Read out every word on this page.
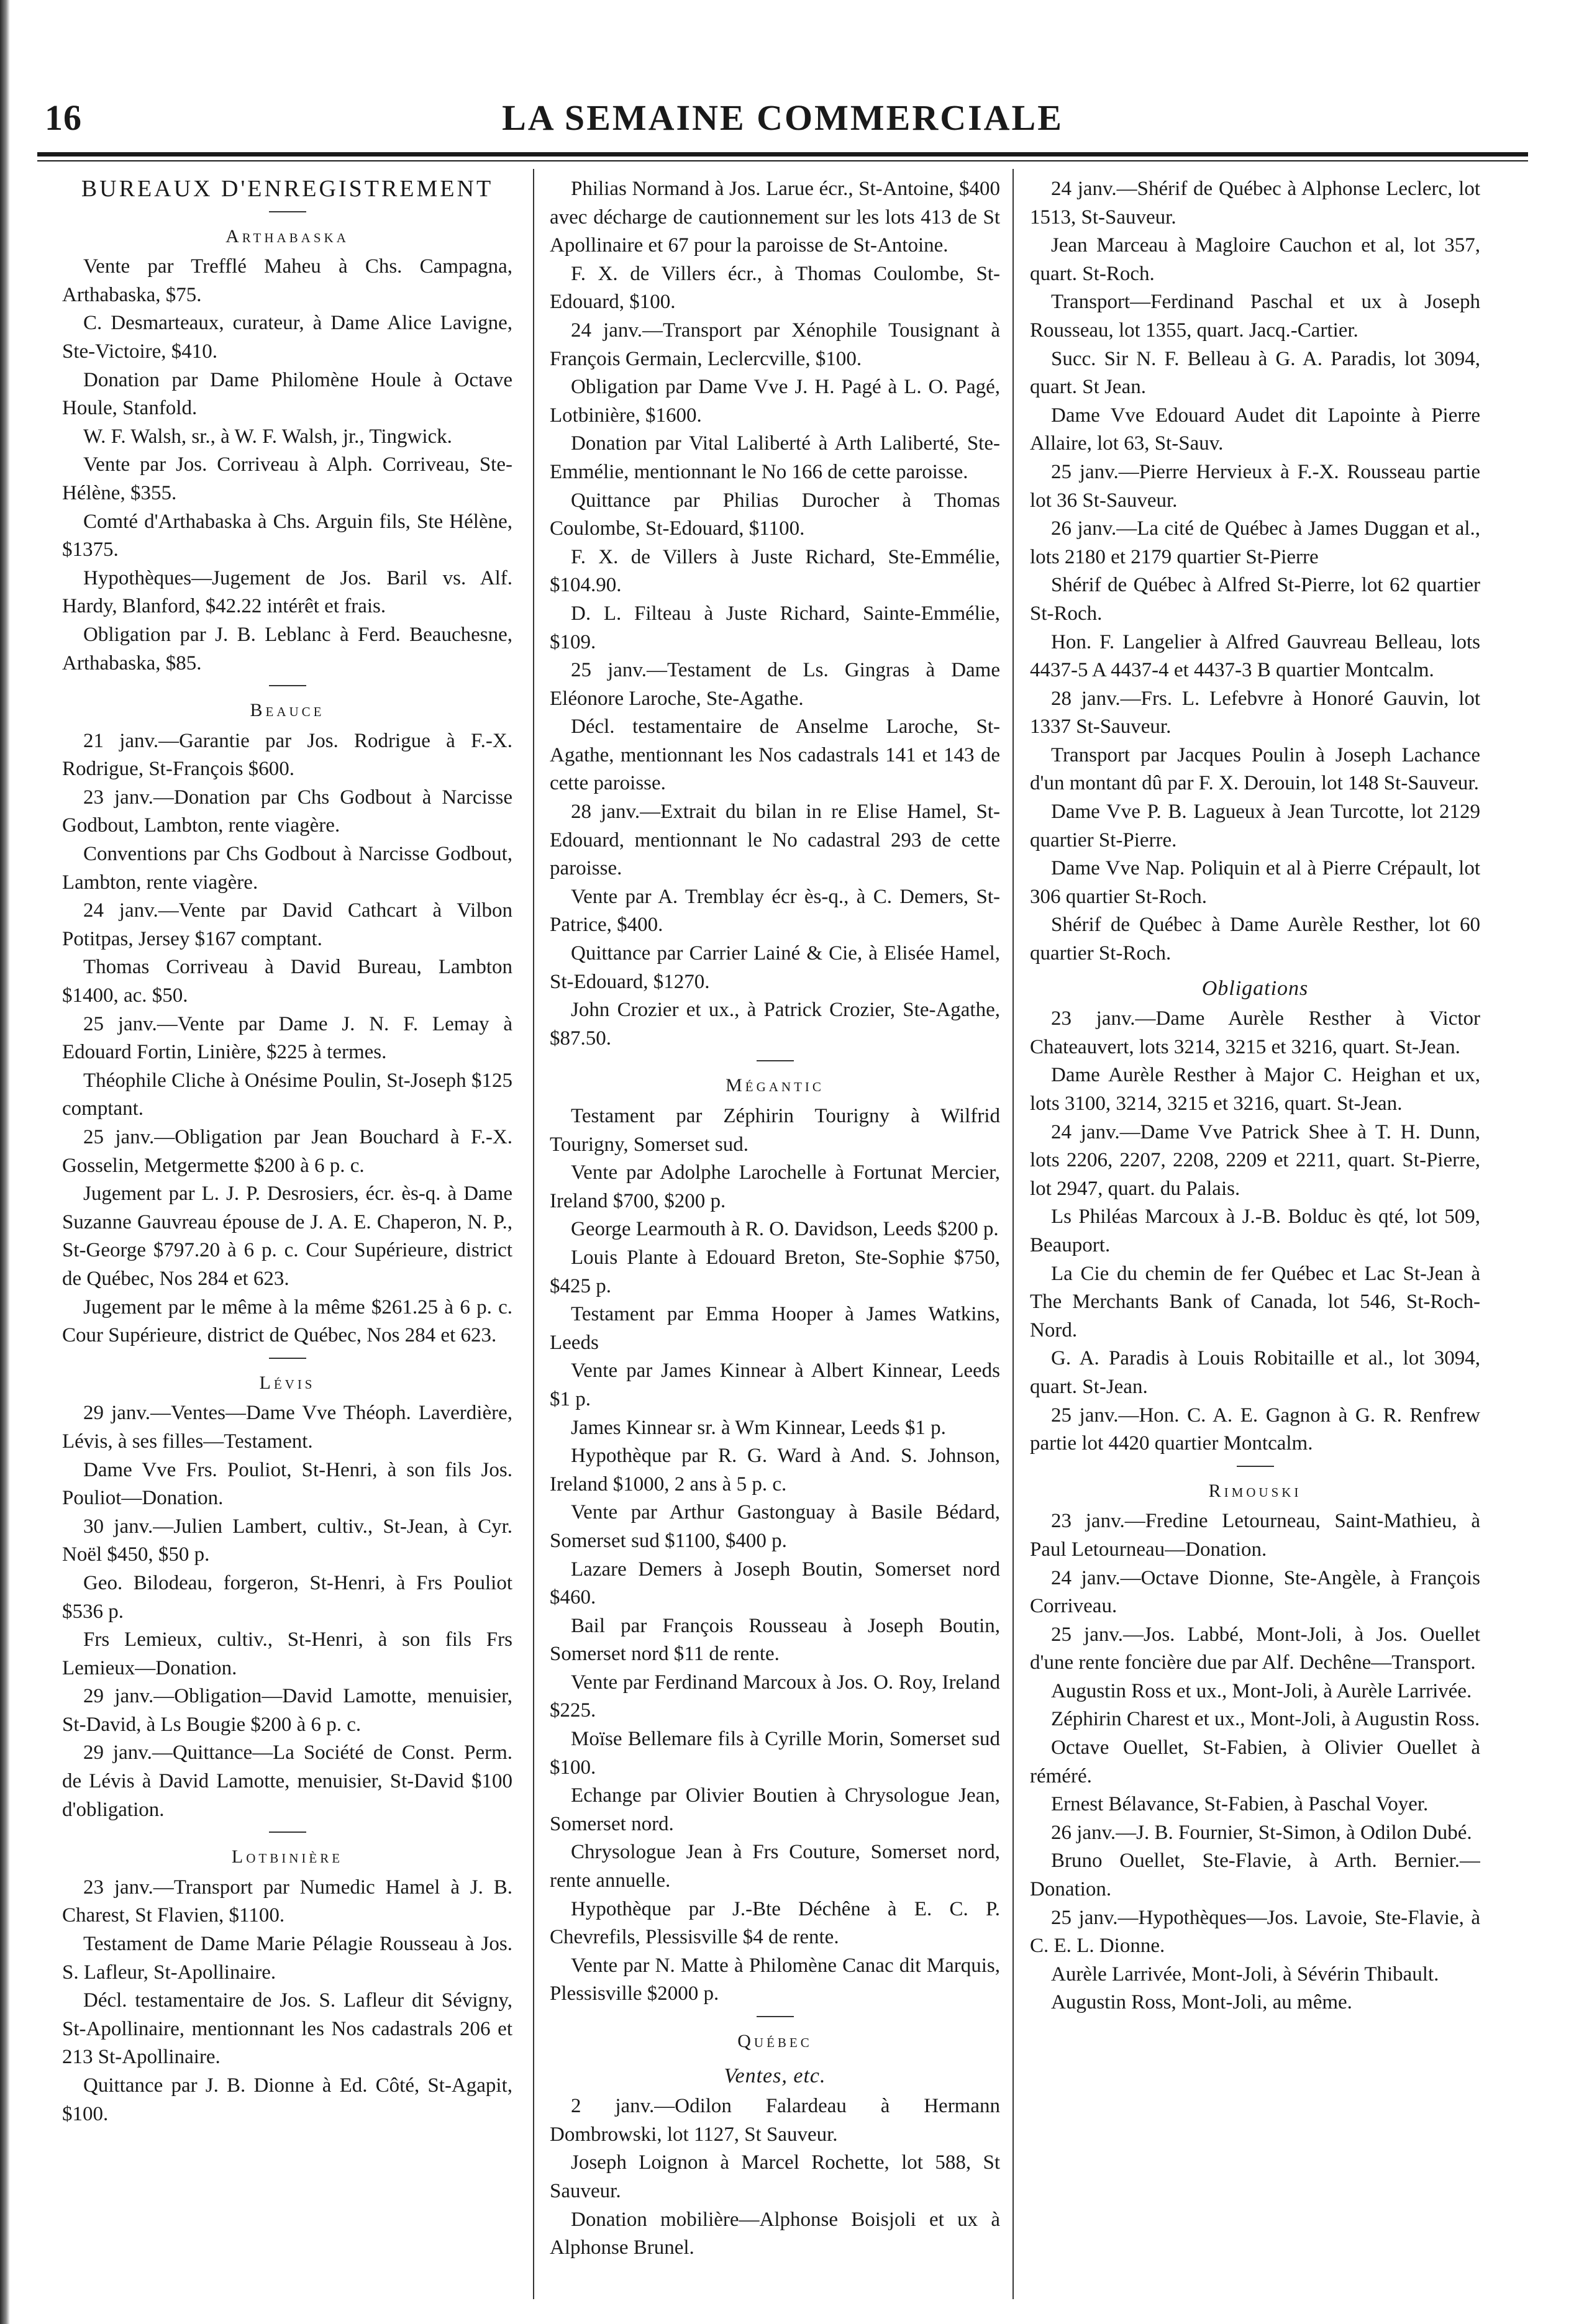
16	LA SEMAINE COMMERCIALE

BUREAUX D'ENREGISTREMENT

Arthabaska

Vente par Trefflé Maheu à Chs. Campagna, Arthabaska, $75.

C. Desmarteaux, curateur, à Dame Alice Lavigne, Ste-Victoire, $410.

Donation par Dame Philomène Houle à Octave Houle, Stanfold.

W. F. Walsh, sr., à W. F. Walsh, jr., Tingwick.

Vente par Jos. Corriveau à Alph. Corriveau, Ste-Hélène, $355.

Comté d'Arthabaska à Chs. Arguin fils, Ste Hélène, $1375.

Hypothèques—Jugement de Jos. Baril vs. Alf. Hardy, Blanford, $42.22 intérêt et frais.

Obligation par J. B. Leblanc à Ferd. Beauchesne, Arthabaska, $85.

Beauce

21 janv.—Garantie par Jos. Rodrigue à F.-X. Rodrigue, St-François $600.

23 janv.—Donation par Chs Godbout à Narcisse Godbout, Lambton, rente viagère.

Conventions par Chs Godbout à Narcisse Godbout, Lambton, rente viagère.

24 janv.—Vente par David Cathcart à Vilbon Potitpas, Jersey $167 comptant.

Thomas Corriveau à David Bureau, Lambton $1400, ac. $50.

25 janv.—Vente par Dame J. N. F. Lemay à Edouard Fortin, Linière, $225 à termes.

Théophile Cliche à Onésime Poulin, St-Joseph $125 comptant.

25 janv.—Obligation par Jean Bouchard à F.-X. Gosselin, Metgermette $200 à 6 p. c.

Jugement par L. J. P. Desrosiers, écr. ès-q. à Dame Suzanne Gauvreau épouse de J. A. E. Chaperon, N. P., St-George $797.20 à 6 p. c. Cour Supérieure, district de Québec, Nos 284 et 623.

Jugement par le même à la même $261.25 à 6 p. c. Cour Supérieure, district de Québec, Nos 284 et 623.

Lévis

29 janv.—Ventes—Dame Vve Théoph. Laverdière, Lévis, à ses filles—Testament.

Dame Vve Frs. Pouliot, St-Henri, à son fils Jos. Pouliot—Donation.

30 janv.—Julien Lambert, cultiv., St-Jean, à Cyr. Noël $450, $50 p.

Geo. Bilodeau, forgeron, St-Henri, à Frs Pouliot $536 p.

Frs Lemieux, cultiv., St-Henri, à son fils Frs Lemieux—Donation.

29 janv.—Obligation—David Lamotte, menuisier, St-David, à Ls Bougie $200 à 6 p. c.

29 janv.—Quittance—La Société de Const. Perm. de Lévis à David Lamotte, menuisier, St-David $100 d'obligation.

Lotbinière

23 janv.—Transport par Numedic Hamel à J. B. Charest, St Flavien, $1100.

Testament de Dame Marie Pélagie Rousseau à Jos. S. Lafleur, St-Apollinaire.

Décl. testamentaire de Jos. S. Lafleur dit Sévigny, St-Apollinaire, mentionnant les Nos cadastrals 206 et 213 St-Apollinaire.

Quittance par J. B. Dionne à Ed. Côté, St-Agapit, $100.

Philias Normand à Jos. Larue écr., St-Antoine, $400 avec décharge de cautionnement sur les lots 413 de St Apollinaire et 67 pour la paroisse de St-Antoine.

F. X. de Villers écr., à Thomas Coulombe, St-Edouard, $100.

24 janv.—Transport par Xénophile Tousignant à François Germain, Leclercville, $100.

Obligation par Dame Vve J. H. Pagé à L. O. Pagé, Lotbinière, $1600.

Donation par Vital Laliberté à Arth Laliberté, Ste-Emmélie, mentionnant le No 166 de cette paroisse.

Quittance par Philias Durocher à Thomas Coulombe, St-Edouard, $1100.

F. X. de Villers à Juste Richard, Ste-Emmélie, $104.90.

D. L. Filteau à Juste Richard, Sainte-Emmélie, $109.

25 janv.—Testament de Ls. Gingras à Dame Eléonore Laroche, Ste-Agathe.

Décl. testamentaire de Anselme Laroche, St-Agathe, mentionnant les Nos cadastrals 141 et 143 de cette paroisse.

28 janv.—Extrait du bilan in re Elise Hamel, St-Edouard, mentionnant le No cadastral 293 de cette paroisse.

Vente par A. Tremblay écr ès-q., à C. Demers, St-Patrice, $400.

Quittance par Carrier Lainé & Cie, à Elisée Hamel, St-Edouard, $1270.

John Crozier et ux., à Patrick Crozier, Ste-Agathe, $87.50.

Mégantic

Testament par Zéphirin Tourigny à Wilfrid Tourigny, Somerset sud.

Vente par Adolphe Larochelle à Fortunat Mercier, Ireland $700, $200 p.

George Learmouth à R. O. Davidson, Leeds $200 p.

Louis Plante à Edouard Breton, Ste-Sophie $750, $425 p.

Testament par Emma Hooper à James Watkins, Leeds

Vente par James Kinnear à Albert Kinnear, Leeds $1 p.

James Kinnear sr. à Wm Kinnear, Leeds $1 p.

Hypothèque par R. G. Ward à And. S. Johnson, Ireland $1000, 2 ans à 5 p. c.

Vente par Arthur Gastonguay à Basile Bédard, Somerset sud $1100, $400 p.

Lazare Demers à Joseph Boutin, Somerset nord $460.

Bail par François Rousseau à Joseph Boutin, Somerset nord $11 de rente.

Vente par Ferdinand Marcoux à Jos. O. Roy, Ireland $225.

Moïse Bellemare fils à Cyrille Morin, Somerset sud $100.

Echange par Olivier Boutien à Chrysologue Jean, Somerset nord.

Chrysologue Jean à Frs Couture, Somerset nord, rente annuelle.

Hypothèque par J.-Bte Déchêne à E. C. P. Chevrefils, Plessisville $4 de rente.

Vente par N. Matte à Philomène Canac dit Marquis, Plessisville $2000 p.

Québec

Ventes, etc.

2 janv.—Odilon Falardeau à Hermann Dombrowski, lot 1127, St Sauveur.

Joseph Loignon à Marcel Rochette, lot 588, St Sauveur.

Donation mobilière—Alphonse Boisjoli et ux à Alphonse Brunel.

24 janv.—Shérif de Québec à Alphonse Leclerc, lot 1513, St-Sauveur.

Jean Marceau à Magloire Cauchon et al, lot 357, quart. St-Roch.

Transport—Ferdinand Paschal et ux à Joseph Rousseau, lot 1355, quart. Jacq.-Cartier.

Succ. Sir N. F. Belleau à G. A. Paradis, lot 3094, quart. St Jean.

Dame Vve Edouard Audet dit Lapointe à Pierre Allaire, lot 63, St-Sauv.

25 janv.—Pierre Hervieux à F.-X. Rousseau partie lot 36 St-Sauveur.

26 janv.—La cité de Québec à James Duggan et al., lots 2180 et 2179 quartier St-Pierre

Shérif de Québec à Alfred St-Pierre, lot 62 quartier St-Roch.

Hon. F. Langelier à Alfred Gauvreau Belleau, lots 4437-5 A 4437-4 et 4437-3 B quartier Montcalm.

28 janv.—Frs. L. Lefebvre à Honoré Gauvin, lot 1337 St-Sauveur.

Transport par Jacques Poulin à Joseph Lachance d'un montant dû par F. X. Derouin, lot 148 St-Sauveur.

Dame Vve P. B. Lagueux à Jean Turcotte, lot 2129 quartier St-Pierre.

Dame Vve Nap. Poliquin et al à Pierre Crépault, lot 306 quartier St-Roch.

Shérif de Québec à Dame Aurèle Resther, lot 60 quartier St-Roch.

Obligations

23 janv.—Dame Aurèle Resther à Victor Chateauvert, lots 3214, 3215 et 3216, quart. St-Jean.

Dame Aurèle Resther à Major C. Heighan et ux, lots 3100, 3214, 3215 et 3216, quart. St-Jean.

24 janv.—Dame Vve Patrick Shee à T. H. Dunn, lots 2206, 2207, 2208, 2209 et 2211, quart. St-Pierre, lot 2947, quart. du Palais.

Ls Philéas Marcoux à J.-B. Bolduc ès qté, lot 509, Beauport.

La Cie du chemin de fer Québec et Lac St-Jean à The Merchants Bank of Canada, lot 546, St-Roch-Nord.

G. A. Paradis à Louis Robitaille et al., lot 3094, quart. St-Jean.

25 janv.—Hon. C. A. E. Gagnon à G. R. Renfrew partie lot 4420 quartier Montcalm.

Rimouski

23 janv.—Fredine Letourneau, Saint-Mathieu, à Paul Letourneau—Donation.

24 janv.—Octave Dionne, Ste-Angèle, à François Corriveau.

25 janv.—Jos. Labbé, Mont-Joli, à Jos. Ouellet d'une rente foncière due par Alf. Dechêne—Transport.

Augustin Ross et ux., Mont-Joli, à Aurèle Larrivée.

Zéphirin Charest et ux., Mont-Joli, à Augustin Ross.

Octave Ouellet, St-Fabien, à Olivier Ouellet à réméré.

Ernest Bélavance, St-Fabien, à Paschal Voyer.

26 janv.—J. B. Fournier, St-Simon, à Odilon Dubé.

Bruno Ouellet, Ste-Flavie, à Arth. Bernier.—Donation.

25 janv.—Hypothèques—Jos. Lavoie, Ste-Flavie, à C. E. L. Dionne.

Aurèle Larrivée, Mont-Joli, à Sévérin Thibault.

Augustin Ross, Mont-Joli, au même.
